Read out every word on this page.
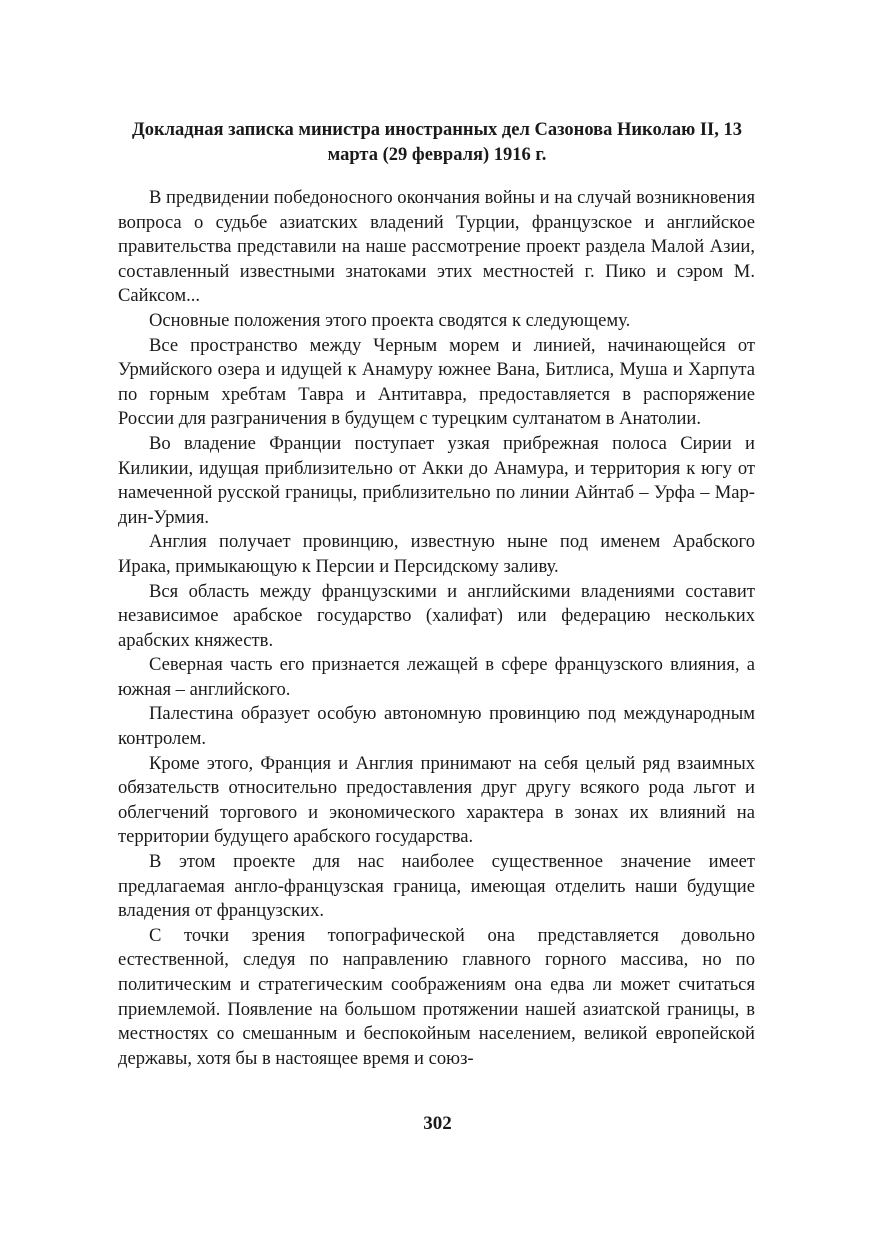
Докладная записка министра иностранных дел Сазонова Николаю II, 13 марта (29 февраля) 1916 г.

В предвидении победоносного окончания войны и на случай возникновения вопроса о судьбе азиатских владений Турции, французское и английское правительства представили на наше рассмотрение проект раздела Малой Азии, составленный известными знатоками этих местностей г. Пико и сэром М. Сайксом...

Основные положения этого проекта сводятся к следующему.

Все пространство между Черным морем и линией, начинающейся от Урмийского озера и идущей к Анамуру южнее Вана, Битлиса, Муша и Харпута по горным хребтам Тавра и Антитавра, предоставляется в распоряжение России для разграничения в будущем с турецким султанатом в Анатолии.

Во владение Франции поступает узкая прибрежная полоса Сирии и Киликии, идущая приблизительно от Акки до Анамура, и территория к югу от намеченной русской границы, приблизительно по линии Айнтаб – Урфа – Мар-дин-Урмия.

Англия получает провинцию, известную ныне под именем Арабского Ирака, примыкающую к Персии и Персидскому заливу.

Вся область между французскими и английскими владениями составит независимое арабское государство (халифат) или федерацию нескольких арабских княжеств.

Северная часть его признается лежащей в сфере французского влияния, а южная – английского.

Палестина образует особую автономную провинцию под международным контролем.

Кроме этого, Франция и Англия принимают на себя целый ряд взаимных обязательств относительно предоставления друг другу всякого рода льгот и облегчений торгового и экономического характера в зонах их влияний на территории будущего арабского государства.

В этом проекте для нас наиболее существенное значение имеет предлагаемая англо-французская граница, имеющая отделить наши будущие владения от французских.

С точки зрения топографической она представляется довольно естественной, следуя по направлению главного горного массива, но по политическим и стратегическим соображениям она едва ли может считаться приемлемой. Появление на большом протяжении нашей азиатской границы, в местностях со смешанным и беспокойным населением, великой европейской державы, хотя бы в настоящее время и союз-

302
